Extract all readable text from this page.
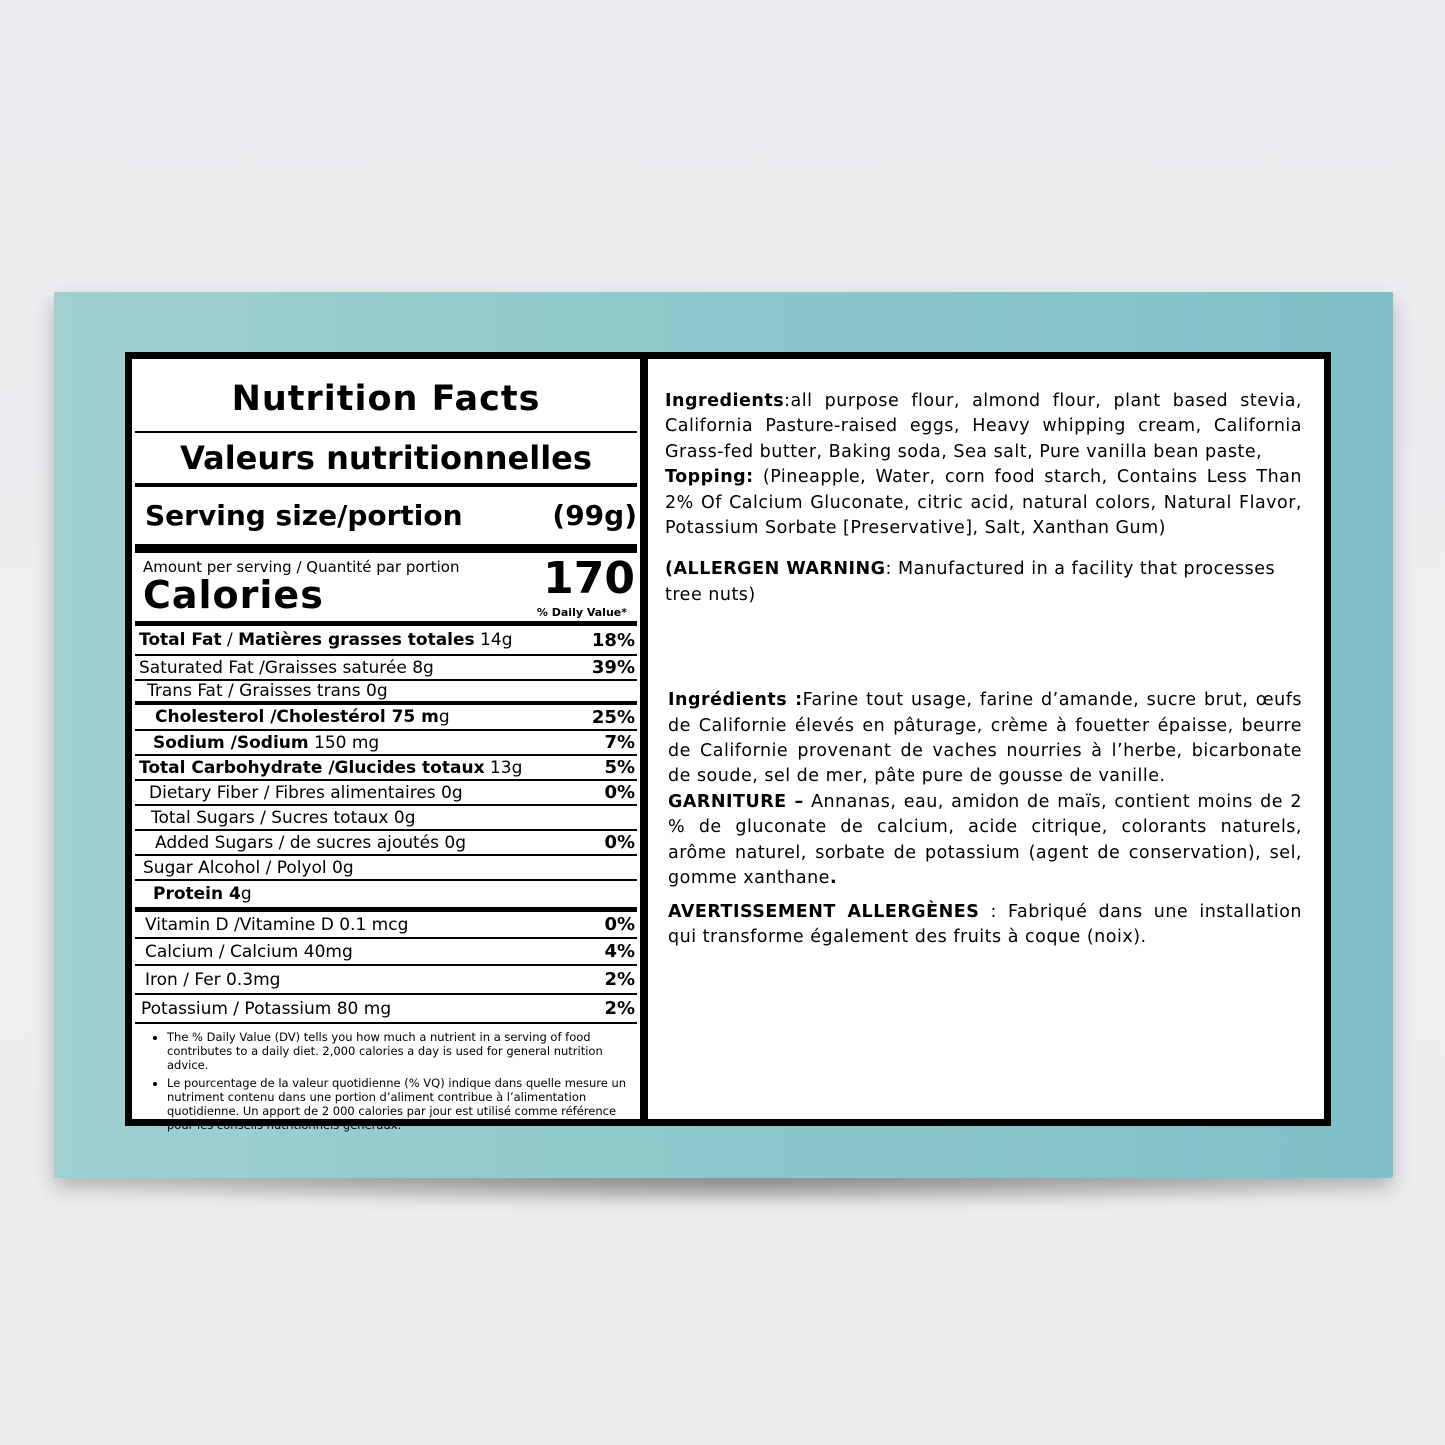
Nutrition Facts
Valeurs nutritionnelles
Serving size/portion	(99g)
Amount per serving / Quantité par portion
Calories	170
% Daily Value*
Total Fat / Matières grasses totales 14g	18%
Saturated Fat /Graisses saturée 8g	39%
Trans Fat / Graisses trans 0g
Cholesterol /Cholestérol 75 mg	25%
Sodium /Sodium 150 mg	7%
Total Carbohydrate /Glucides totaux 13g	5%
Dietary Fiber / Fibres alimentaires 0g	0%
Total Sugars / Sucres totaux 0g
Added Sugars / de sucres ajoutés 0g	0%
Sugar Alcohol / Polyol 0g
Protein 4g
Vitamin D /Vitamine D 0.1 mcg	0%
Calcium / Calcium 40mg	4%
Iron / Fer 0.3mg	2%
Potassium / Potassium 80 mg	2%
• The % Daily Value (DV) tells you how much a nutrient in a serving of food contributes to a daily diet. 2,000 calories a day is used for general nutrition advice.
• Le pourcentage de la valeur quotidienne (% VQ) indique dans quelle mesure un nutriment contenu dans une portion d’aliment contribue à l’alimentation quotidienne. Un apport de 2 000 calories par jour est utilisé comme référence pour les conseils nutritionnels généraux.*

Ingredients:all purpose flour, almond flour, plant based stevia, California Pasture-raised eggs, Heavy whipping cream, California Grass-fed butter, Baking soda, Sea salt, Pure vanilla bean paste,

Topping: (Pineapple, Water, corn food starch, Contains Less Than 2% Of Calcium Gluconate, citric acid, natural colors, Natural Flavor, Potassium Sorbate [Preservative], Salt, Xanthan Gum)

(ALLERGEN WARNING: Manufactured in a facility that processes tree nuts)

Ingrédients :Farine tout usage, farine d’amande, sucre brut, œufs de Californie élevés en pâturage, crème à fouetter épaisse, beurre de Californie provenant de vaches nourries à l’herbe, bicarbonate de soude, sel de mer, pâte pure de gousse de vanille.

GARNITURE – Annanas, eau, amidon de maïs, contient moins de 2 % de gluconate de calcium, acide citrique, colorants naturels, arôme naturel, sorbate de potassium (agent de conservation), sel, gomme xanthane.

AVERTISSEMENT ALLERGÈNES : Fabriqué dans une installation qui transforme également des fruits à coque (noix).
